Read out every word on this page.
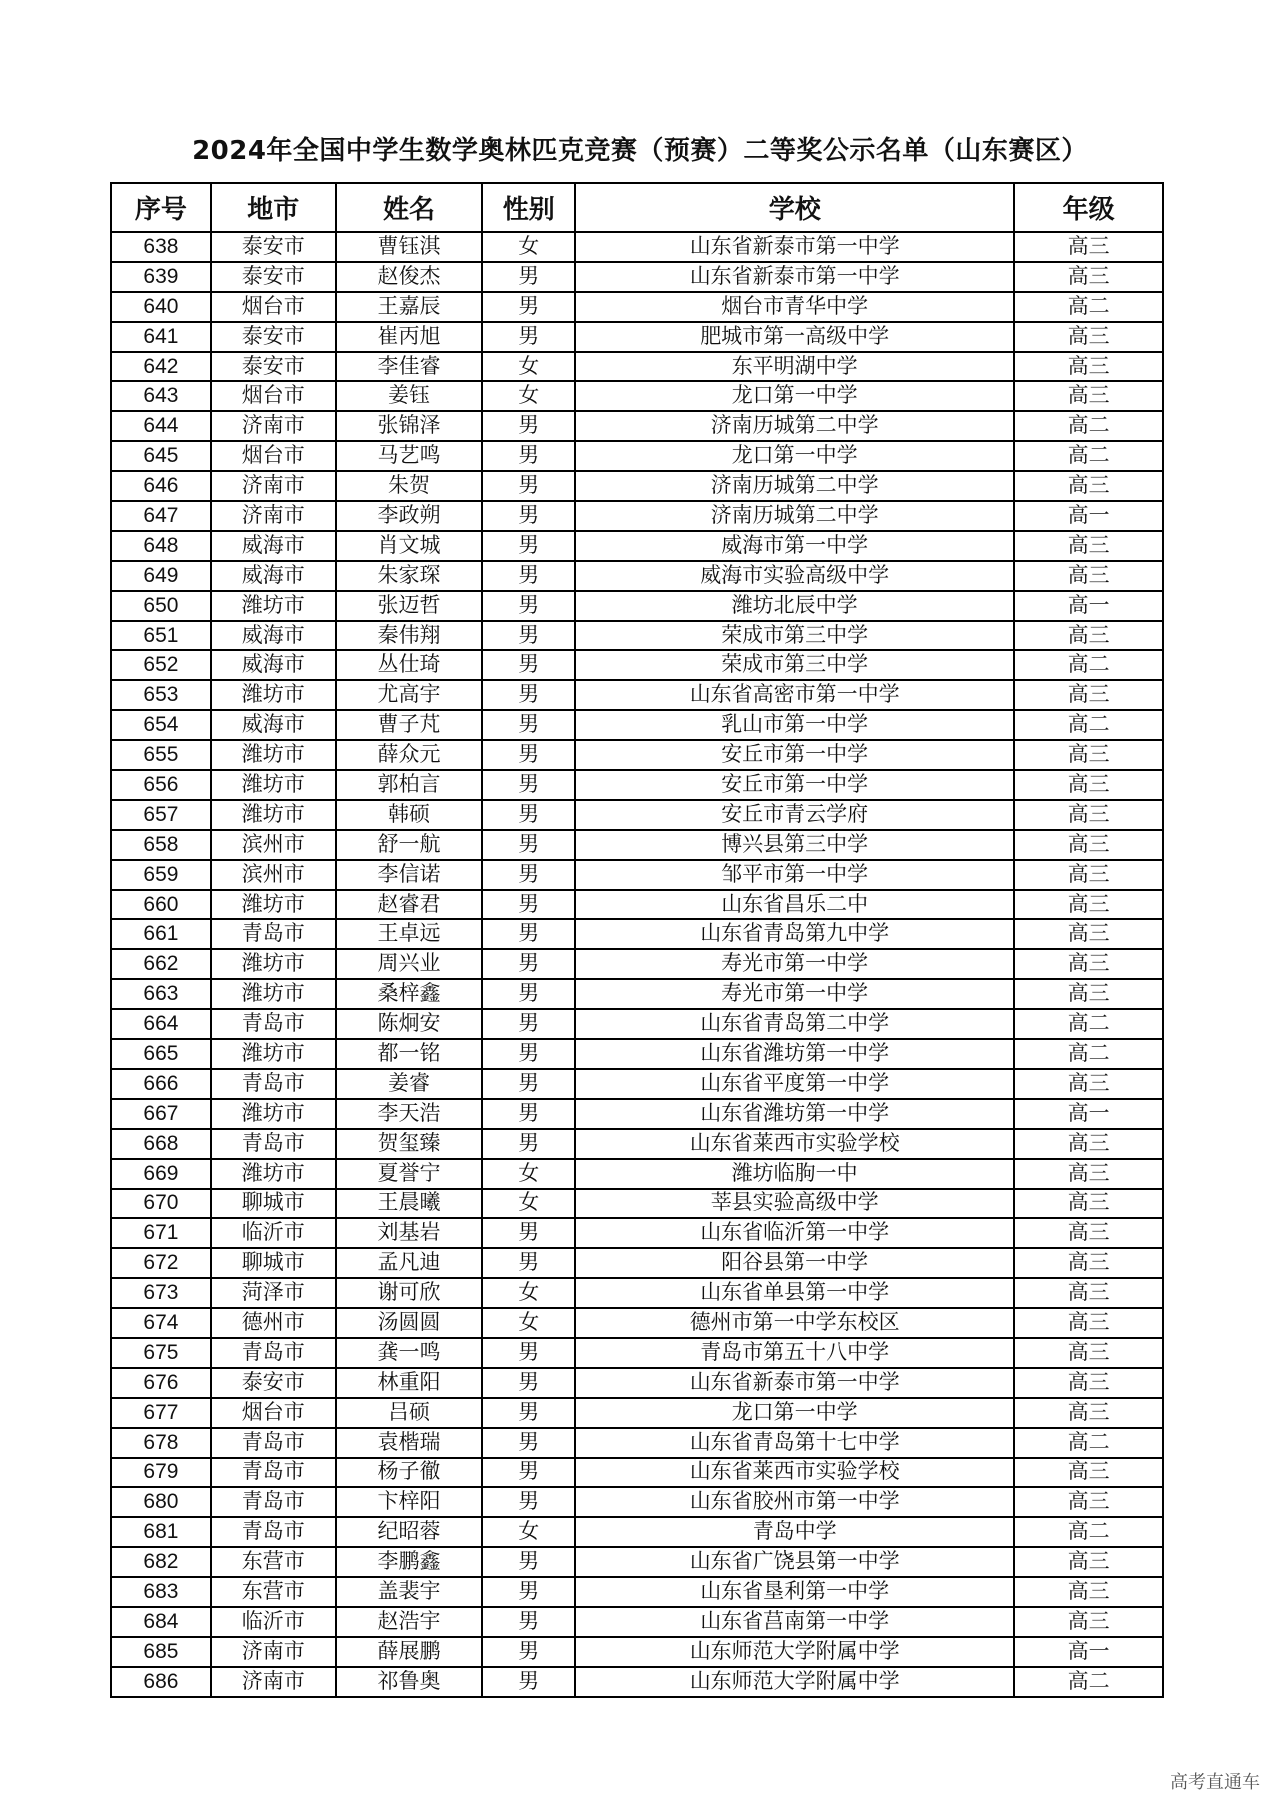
2024年全国中学生数学奥林匹克竞赛（预赛）二等奖公示名单（山东赛区）
序号	地市	姓名	性别	学校	年级
638	泰安市	曹钰淇	女	山东省新泰市第一中学	高三
639	泰安市	赵俊杰	男	山东省新泰市第一中学	高三
640	烟台市	王嘉辰	男	烟台市青华中学	高二
641	泰安市	崔丙旭	男	肥城市第一高级中学	高三
642	泰安市	李佳睿	女	东平明湖中学	高三
643	烟台市	姜钰	女	龙口第一中学	高三
644	济南市	张锦泽	男	济南历城第二中学	高二
645	烟台市	马艺鸣	男	龙口第一中学	高二
646	济南市	朱贺	男	济南历城第二中学	高三
647	济南市	李政朔	男	济南历城第二中学	高一
648	威海市	肖文城	男	威海市第一中学	高三
649	威海市	朱家琛	男	威海市实验高级中学	高三
650	潍坊市	张迈哲	男	潍坊北辰中学	高一
651	威海市	秦伟翔	男	荣成市第三中学	高三
652	威海市	丛仕琦	男	荣成市第三中学	高二
653	潍坊市	尤高宇	男	山东省高密市第一中学	高三
654	威海市	曹子芃	男	乳山市第一中学	高二
655	潍坊市	薛众元	男	安丘市第一中学	高三
656	潍坊市	郭柏言	男	安丘市第一中学	高三
657	潍坊市	韩硕	男	安丘市青云学府	高三
658	滨州市	舒一航	男	博兴县第三中学	高三
659	滨州市	李信诺	男	邹平市第一中学	高三
660	潍坊市	赵睿君	男	山东省昌乐二中	高三
661	青岛市	王卓远	男	山东省青岛第九中学	高三
662	潍坊市	周兴业	男	寿光市第一中学	高三
663	潍坊市	桑梓鑫	男	寿光市第一中学	高三
664	青岛市	陈炯安	男	山东省青岛第二中学	高二
665	潍坊市	都一铭	男	山东省潍坊第一中学	高二
666	青岛市	姜睿	男	山东省平度第一中学	高三
667	潍坊市	李天浩	男	山东省潍坊第一中学	高一
668	青岛市	贺玺臻	男	山东省莱西市实验学校	高三
669	潍坊市	夏誉宁	女	潍坊临朐一中	高三
670	聊城市	王晨曦	女	莘县实验高级中学	高三
671	临沂市	刘基岩	男	山东省临沂第一中学	高三
672	聊城市	孟凡迪	男	阳谷县第一中学	高三
673	菏泽市	谢可欣	女	山东省单县第一中学	高三
674	德州市	汤圆圆	女	德州市第一中学东校区	高三
675	青岛市	龚一鸣	男	青岛市第五十八中学	高三
676	泰安市	林重阳	男	山东省新泰市第一中学	高三
677	烟台市	吕硕	男	龙口第一中学	高三
678	青岛市	袁楷瑞	男	山东省青岛第十七中学	高二
679	青岛市	杨子徹	男	山东省莱西市实验学校	高三
680	青岛市	卞梓阳	男	山东省胶州市第一中学	高三
681	青岛市	纪昭蓉	女	青岛中学	高二
682	东营市	李鹏鑫	男	山东省广饶县第一中学	高三
683	东营市	盖裴宇	男	山东省垦利第一中学	高三
684	临沂市	赵浩宇	男	山东省莒南第一中学	高三
685	济南市	薛展鹏	男	山东师范大学附属中学	高一
686	济南市	祁鲁奥	男	山东师范大学附属中学	高二
高考直通车
